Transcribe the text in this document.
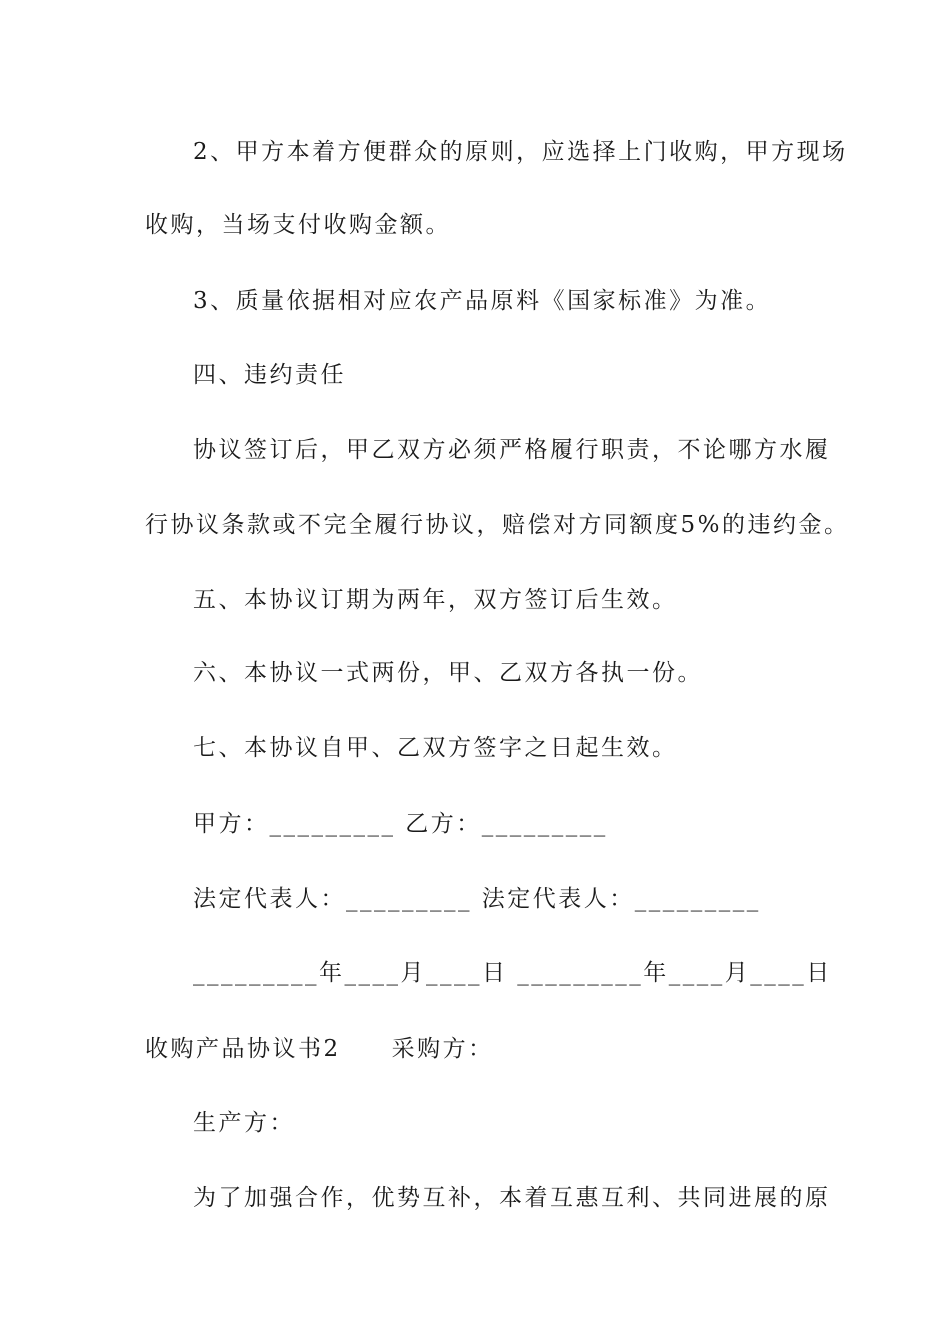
2、甲方本着方便群众的原则，应选择上门收购，甲方现场
收购，当场支付收购金额。
3、质量依据相对应农产品原料《国家标准》为准。
四、违约责任
协议签订后，甲乙双方必须严格履行职责，不论哪方水履
行协议条款或不完全履行协议，赔偿对方同额度5%的违约金。
五、本协议订期为两年，双方签订后生效。
六、本协议一式两份，甲、乙双方各执一份。
七、本协议自甲、乙双方签字之日起生效。
甲方：_________ 乙方：_________
法定代表人：_________ 法定代表人：_________
_________年____月____日 _________年____月____日
收购产品协议书2　　采购方：
生产方：
为了加强合作，优势互补，本着互惠互利、共同进展的原
